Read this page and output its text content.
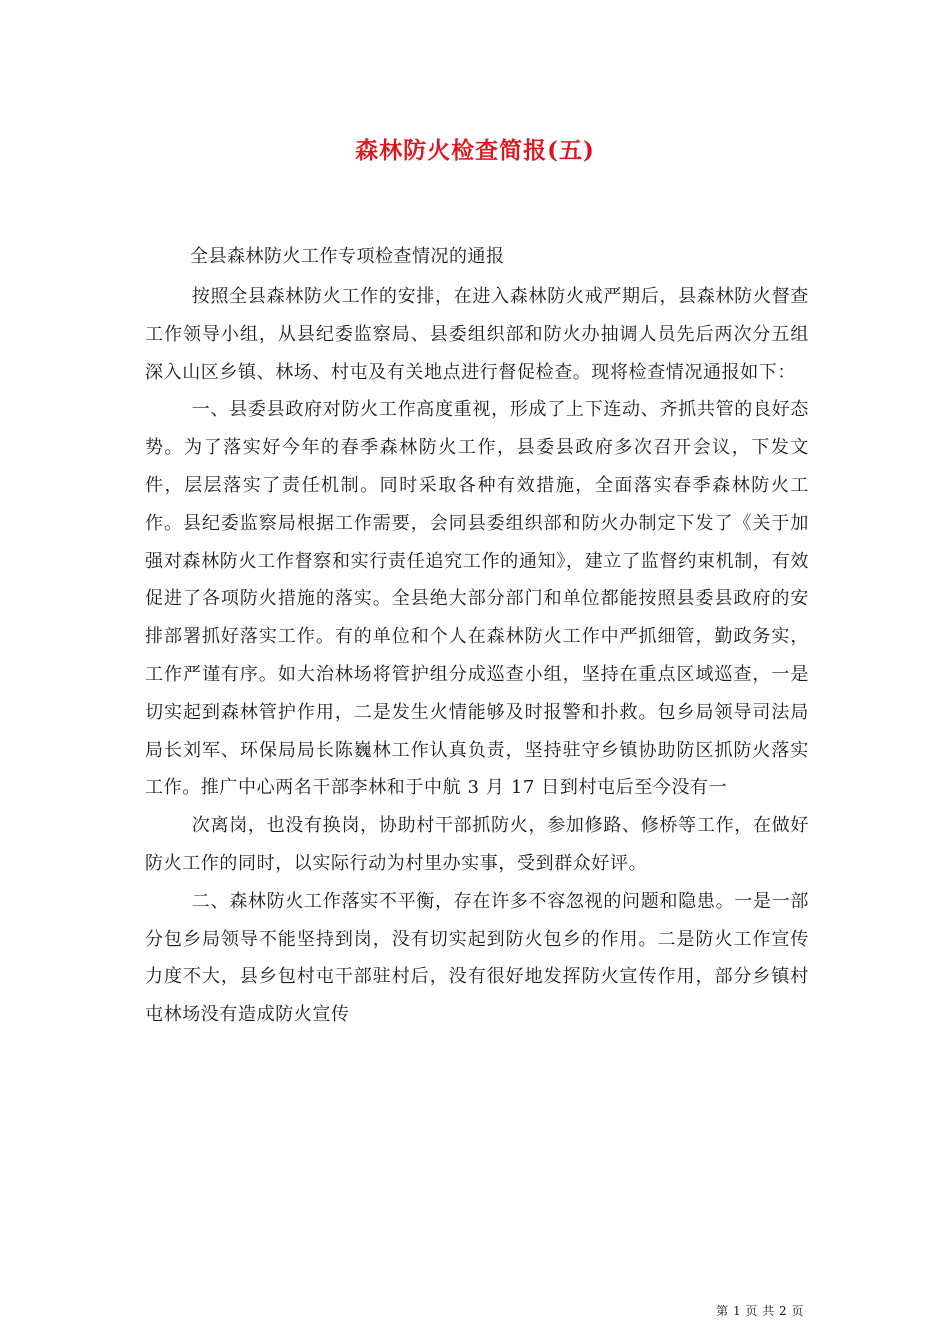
森林防火检查简报(五)
全县森林防火工作专项检查情况的通报

按照全县森林防火工作的安排，在进入森林防火戒严期后，县森林防火督查工作领导小组，从县纪委监察局、县委组织部和防火办抽调人员先后两次分五组深入山区乡镇、林场、村屯及有关地点进行督促检查。现将检查情况通报如下：

一、县委县政府对防火工作高度重视，形成了上下连动、齐抓共管的良好态势。为了落实好今年的春季森林防火工作，县委县政府多次召开会议，下发文件，层层落实了责任机制。同时采取各种有效措施，全面落实春季森林防火工作。县纪委监察局根据工作需要，会同县委组织部和防火办制定下发了《关于加强对森林防火工作督察和实行责任追究工作的通知》，建立了监督约束机制，有效促进了各项防火措施的落实。全县绝大部分部门和单位都能按照县委县政府的安排部署抓好落实工作。有的单位和个人在森林防火工作中严抓细管，勤政务实，工作严谨有序。如大治林场将管护组分成巡查小组，坚持在重点区域巡查，一是切实起到森林管护作用，二是发生火情能够及时报警和扑救。包乡局领导司法局局长刘军、环保局局长陈巍林工作认真负责，坚持驻守乡镇协助防区抓防火落实工作。推广中心两名干部李林和于中航 3 月 17 日到村屯后至今没有一

次离岗，也没有换岗，协助村干部抓防火，参加修路、修桥等工作，在做好防火工作的同时，以实际行动为村里办实事，受到群众好评。

二、森林防火工作落实不平衡，存在许多不容忽视的问题和隐患。一是一部分包乡局领导不能坚持到岗，没有切实起到防火包乡的作用。二是防火工作宣传力度不大，县乡包村屯干部驻村后，没有很好地发挥防火宣传作用，部分乡镇村屯林场没有造成防火宣传

第 1 页 共 2 页
